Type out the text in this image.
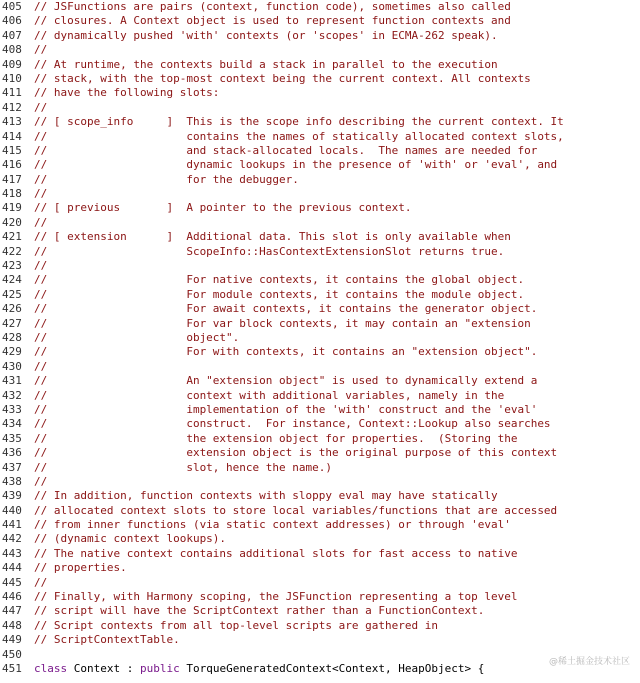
405	// JSFunctions are pairs (context, function code), sometimes also called
406	// closures. A Context object is used to represent function contexts and
407	// dynamically pushed 'with' contexts (or 'scopes' in ECMA-262 speak).
408	//
409	// At runtime, the contexts build a stack in parallel to the execution
410	// stack, with the top-most context being the current context. All contexts
411	// have the following slots:
412	//
413	// [ scope_info     ]  This is the scope info describing the current context. It
414	//                     contains the names of statically allocated context slots,
415	//                     and stack-allocated locals.  The names are needed for
416	//                     dynamic lookups in the presence of 'with' or 'eval', and
417	//                     for the debugger.
418	//
419	// [ previous       ]  A pointer to the previous context.
420	//
421	// [ extension      ]  Additional data. This slot is only available when
422	//                     ScopeInfo::HasContextExtensionSlot returns true.
423	//
424	//                     For native contexts, it contains the global object.
425	//                     For module contexts, it contains the module object.
426	//                     For await contexts, it contains the generator object.
427	//                     For var block contexts, it may contain an "extension
428	//                     object".
429	//                     For with contexts, it contains an "extension object".
430	//
431	//                     An "extension object" is used to dynamically extend a
432	//                     context with additional variables, namely in the
433	//                     implementation of the 'with' construct and the 'eval'
434	//                     construct.  For instance, Context::Lookup also searches
435	//                     the extension object for properties.  (Storing the
436	//                     extension object is the original purpose of this context
437	//                     slot, hence the name.)
438	//
439	// In addition, function contexts with sloppy eval may have statically
440	// allocated context slots to store local variables/functions that are accessed
441	// from inner functions (via static context addresses) or through 'eval'
442	// (dynamic context lookups).
443	// The native context contains additional slots for fast access to native
444	// properties.
445	//
446	// Finally, with Harmony scoping, the JSFunction representing a top level
447	// script will have the ScriptContext rather than a FunctionContext.
448	// Script contexts from all top-level scripts are gathered in
449	// ScriptContextTable.
450
451	class Context : public TorqueGeneratedContext<Context, HeapObject> {	@稀土掘金技术社区
